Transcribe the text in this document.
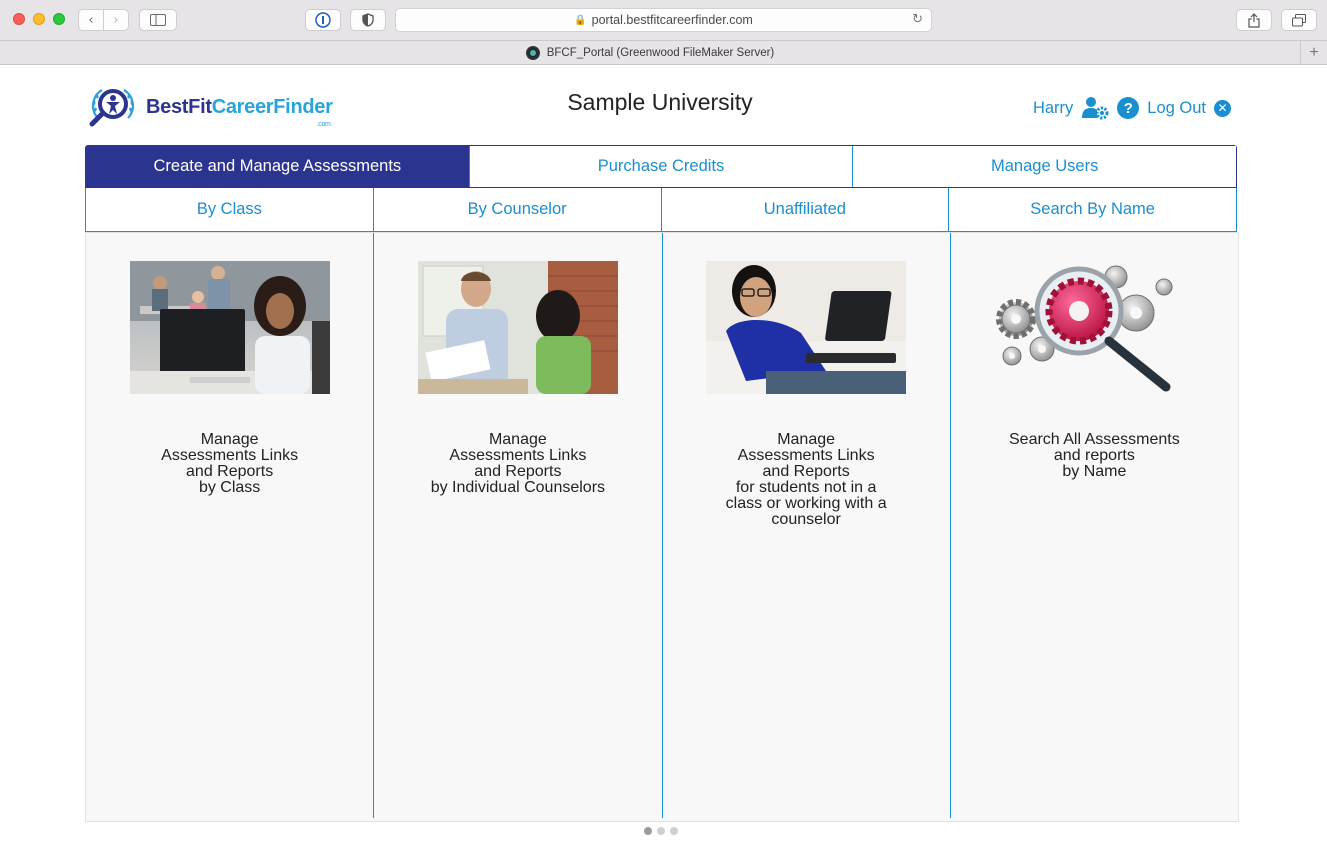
‹ ›	🔒 portal.bestfitcareerfinder.com	↻
BFCF_Portal (Greenwood FileMaker Server)	+
BestFitCareerFinder
.com
Sample University	Harry	? Log Out ✕
Create and Manage Assessments	Purchase Credits	Manage Users
By Class	By Counselor	Unaffiliated	Search By Name
Manage
Assessments Links
and Reports
by Class
Manage
Assessments Links
and Reports
by Individual Counselors
Manage
Assessments Links
and Reports
for students not in a
class or working with a
counselor
Search All Assessments
and reports
by Name
